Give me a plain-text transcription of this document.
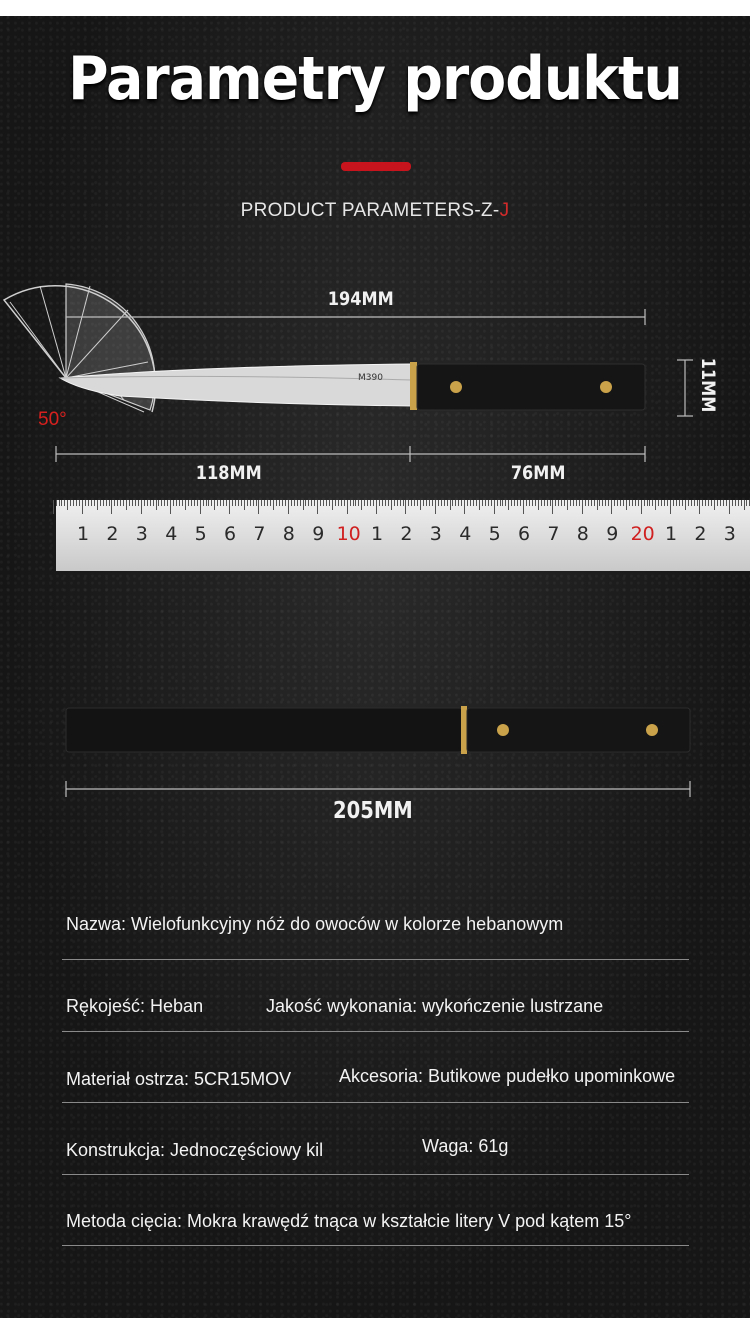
Parametry produktu
PRODUCT PARAMETERS-Z-J
M390
194MM
118MM	76MM
11MM
205MM
50°
1 2 3 4 5 6 7 8 9 10 1 2 3 4 5 6 7 8 9 20 1 2 3
Nazwa: Wielofunkcyjny nóż do owoców w kolorze hebanowym
Rękojeść: Heban	Jakość wykonania: wykończenie lustrzane
Materiał ostrza: 5CR15MOV	Akcesoria: Butikowe pudełko upominkowe
Konstrukcja: Jednoczęściowy kil	Waga: 61g
Metoda cięcia: Mokra krawędź tnąca w kształcie litery V pod kątem 15°
